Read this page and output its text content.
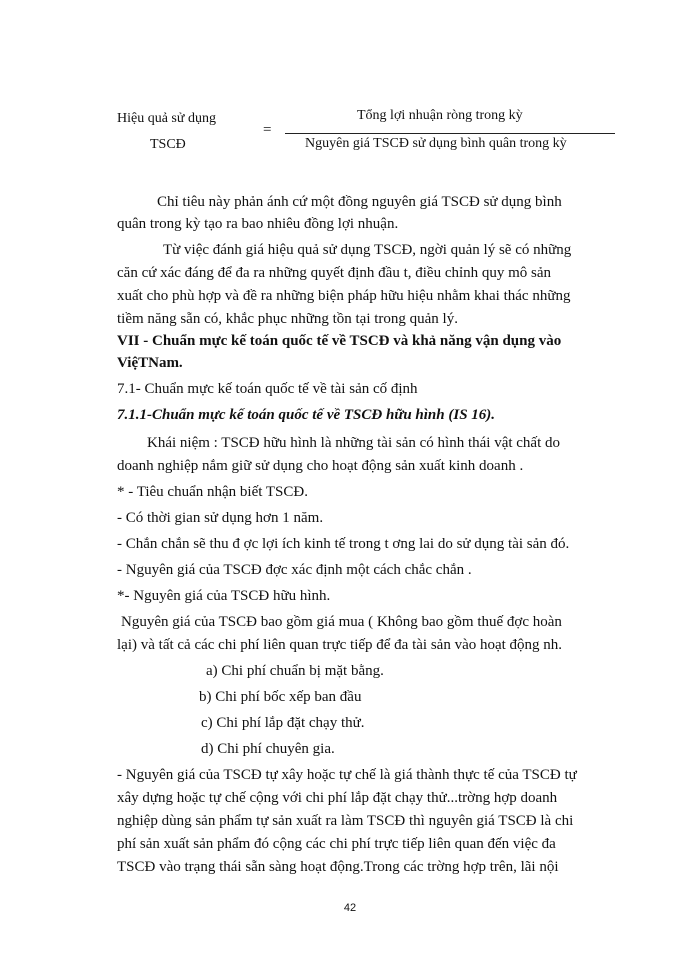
Hiệu quả sử dụng
TSCĐ
=
Tổng lợi nhuận ròng trong kỳ
Nguyên giá TSCĐ sử dụng bình quân trong kỳ
Chỉ tiêu này phản ánh cứ một đồng nguyên giá TSCĐ sử dụng bình
quân trong kỳ tạo ra bao nhiêu đồng lợi nhuận.
Từ việc đánh giá hiệu quả sử dụng TSCĐ, ngời quản lý sẽ có những
căn cứ xác đáng để đa ra những quyết định đầu t, điều chỉnh quy mô sản
xuất cho phù hợp và đề ra những biện pháp hữu hiệu nhằm khai thác những
tiềm năng sẵn có, khắc phục những tồn tại trong quản lý.
VII - Chuẩn mực kế toán quốc tế về TSCĐ và khả năng vận dụng vào
ViệTNam.
7.1- Chuẩn mực kế toán quốc tế về tài sản cố định
7.1.1-Chuẩn mực kế toán quốc tế về TSCĐ hữu hình (IS 16).
Khái niệm : TSCĐ hữu hình là những tài sản có hình thái vật chất do
doanh nghiệp nắm giữ sử dụng cho hoạt động sản xuất kinh doanh .
* - Tiêu chuẩn nhận biết TSCĐ.
- Có thời gian sử dụng hơn 1 năm.
- Chắn chắn sẽ thu đ ợc lợi ích kinh tế trong t ơng lai do sử dụng tài sản đó.
- Nguyên giá của TSCĐ đợc xác định một cách chắc chắn .
*- Nguyên giá của TSCĐ hữu hình.
Nguyên giá của TSCĐ bao gồm giá mua ( Không bao gồm thuế đợc hoàn
lại) và tất cả các chi phí liên quan trực tiếp để đa tài sản vào hoạt động nh.
a) Chi phí chuẩn bị mặt bằng.
b) Chi phí bốc xếp ban đầu
c) Chi phí lắp đặt chạy thử.
d) Chi phí chuyên gia.
- Nguyên giá của TSCĐ tự xây hoặc tự chế là giá thành thực tế của TSCĐ tự
xây dựng hoặc tự chế cộng với chi phí lắp đặt chạy thử...trờng hợp doanh
nghiệp dùng sản phẩm tự sản xuất ra làm TSCĐ thì nguyên giá TSCĐ là chi
phí sản xuất sản phẩm đó cộng các chi phí trực tiếp liên quan đến việc đa
TSCĐ vào trạng thái sẵn sàng hoạt động.Trong các trờng hợp trên, lãi nội
42
